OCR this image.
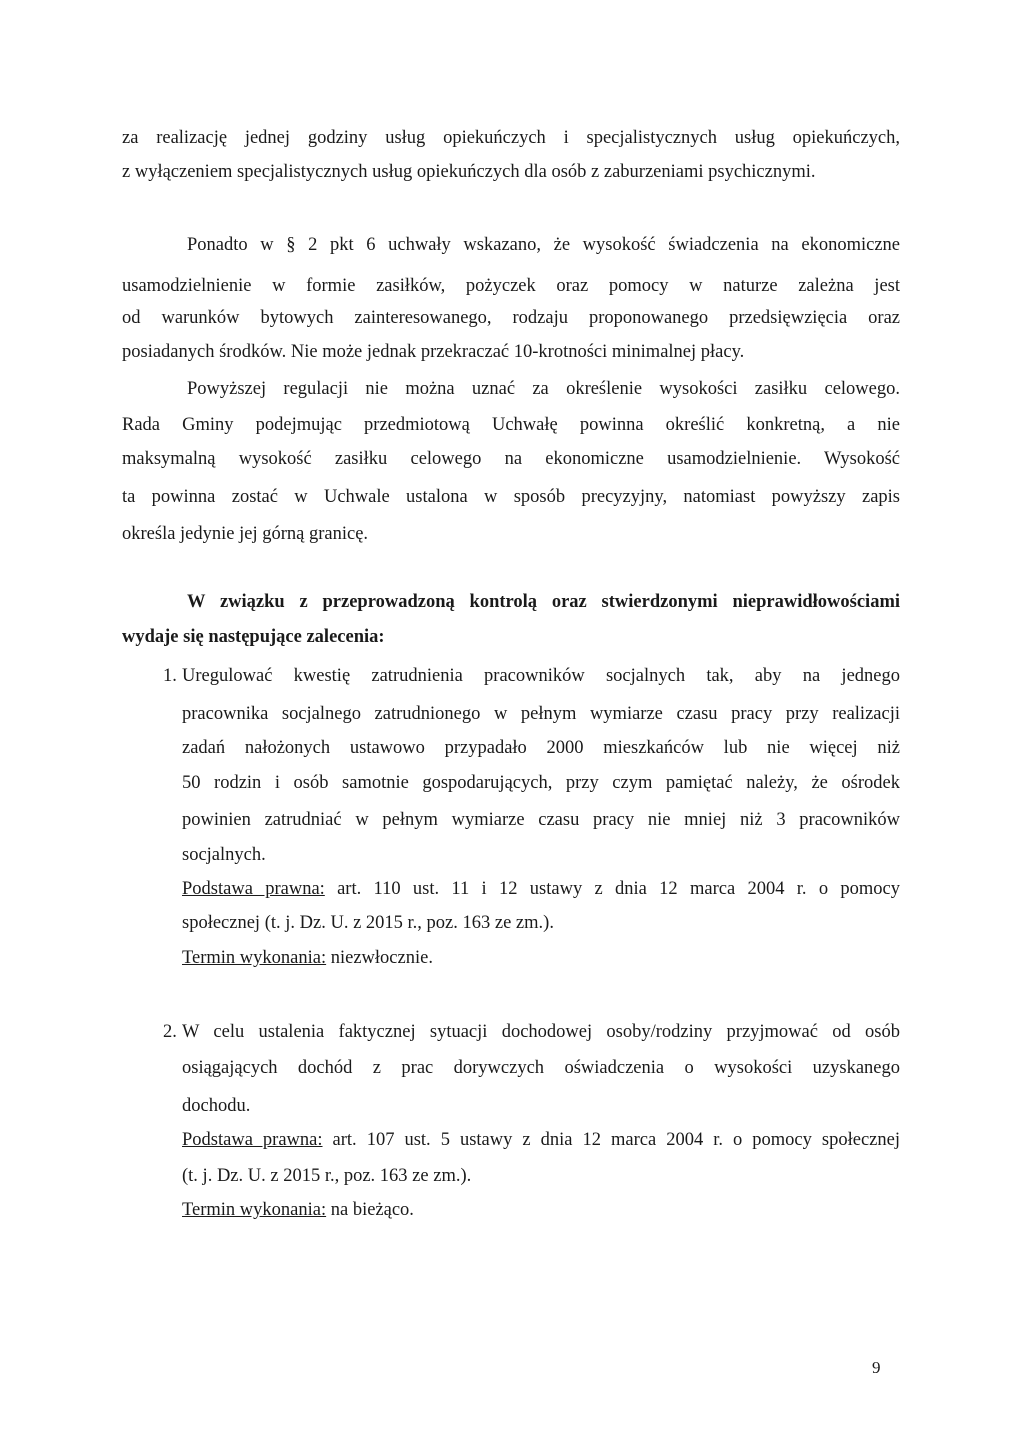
za realizację jednej godziny usług opiekuńczych i specjalistycznych usług opiekuńczych,
z wyłączeniem specjalistycznych usług opiekuńczych dla osób z zaburzeniami psychicznymi.
Ponadto w § 2 pkt 6 uchwały wskazano, że wysokość świadczenia na ekonomiczne
usamodzielnienie w formie zasiłków, pożyczek oraz pomocy w naturze zależna jest
od warunków bytowych zainteresowanego, rodzaju proponowanego przedsięwzięcia oraz
posiadanych środków. Nie może jednak przekraczać 10-krotności minimalnej płacy.
Powyższej regulacji nie można uznać za określenie wysokości zasiłku celowego.
Rada Gminy podejmując przedmiotową Uchwałę powinna określić konkretną, a nie
maksymalną wysokość zasiłku celowego na ekonomiczne usamodzielnienie. Wysokość
ta powinna zostać w Uchwale ustalona w sposób precyzyjny, natomiast powyższy zapis
określa jedynie jej górną granicę.
W związku z przeprowadzoną kontrolą oraz stwierdzonymi nieprawidłowościami
wydaje się następujące zalecenia:
1. Uregulować kwestię zatrudnienia pracowników socjalnych tak, aby na jednego
pracownika socjalnego zatrudnionego w pełnym wymiarze czasu pracy przy realizacji
zadań nałożonych ustawowo przypadało 2000 mieszkańców lub nie więcej niż
50 rodzin i osób samotnie gospodarujących, przy czym pamiętać należy, że ośrodek
powinien zatrudniać w pełnym wymiarze czasu pracy nie mniej niż 3 pracowników
socjalnych.
Podstawa prawna: art. 110 ust. 11 i 12 ustawy z dnia 12 marca 2004 r. o pomocy
społecznej (t. j. Dz. U. z 2015 r., poz. 163 ze zm.).
Termin wykonania: niezwłocznie.
2. W celu ustalenia faktycznej sytuacji dochodowej osoby/rodziny przyjmować od osób
osiągających dochód z prac dorywczych oświadczenia o wysokości uzyskanego
dochodu.
Podstawa prawna: art. 107 ust. 5 ustawy z dnia 12 marca 2004 r. o pomocy społecznej
(t. j. Dz. U. z 2015 r., poz. 163 ze zm.).
Termin wykonania: na bieżąco.
9
